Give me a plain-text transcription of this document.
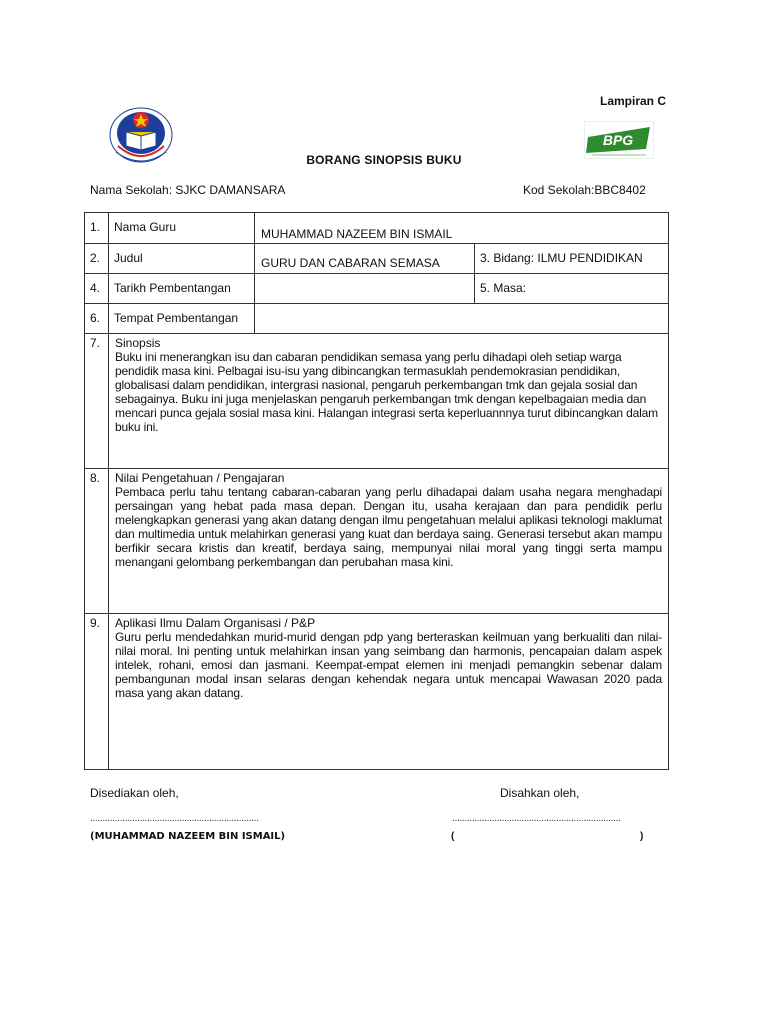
Lampiran C
BPG
BORANG SINOPSIS BUKU
Nama Sekolah: SJKC DAMANSARA	Kod Sekolah:BBC8402
1.	Nama Guru	MUHAMMAD NAZEEM BIN ISMAIL	
2.	Judul	GURU DAN CABARAN SEMASA	3. Bidang: ILMU PENDIDIKAN
4.	Tarikh Pembentangan		5. Masa:
6.	Tempat Pembentangan		
7.	Sinopsis
Buku ini menerangkan isu dan cabaran pendidikan semasa yang perlu dihadapi oleh setiap warga pendidik masa kini. Pelbagai isu-isu yang dibincangkan termasuklah pendemokrasian pendidikan, globalisasi dalam pendidikan, intergrasi nasional, pengaruh perkembangan tmk dan gejala sosial dan sebagainya. Buku ini juga menjelaskan pengaruh perkembangan tmk dengan kepelbagaian media dan mencari punca gejala sosial masa kini. Halangan integrasi serta keperluannnya turut dibincangkan dalam buku ini.		

8.	Nilai Pengetahuan / Pengajaran
Pembaca perlu tahu tentang cabaran-cabaran yang perlu dihadapai dalam usaha negara menghadapi persaingan yang hebat pada masa depan. Dengan itu, usaha kerajaan dan para pendidik perlu melengkapkan generasi yang akan datang dengan ilmu pengetahuan melalui aplikasi teknologi maklumat dan multimedia untuk melahirkan generasi yang kuat dan berdaya saing. Generasi tersebut akan mampu berfikir secara kristis dan kreatif, berdaya saing, mempunyai nilai moral yang tinggi serta mampu menangani gelombang perkembangan dan perubahan masa kini.		

9.	Aplikasi Ilmu Dalam Organisasi / P&P
Guru perlu mendedahkan murid-murid dengan pdp yang berteraskan keilmuan yang berkualiti dan nilai-nilai moral. Ini penting untuk melahirkan insan yang seimbang dan harmonis, pencapaian dalam aspek intelek, rohani, emosi dan jasmani. Keempat-empat elemen ini menjadi pemangkin sebenar dalam pembangunan modal insan selaras dengan kehendak negara untuk mencapai Wawasan 2020 pada masa yang akan datang.		
Disediakan oleh,	Disahkan oleh,
....................................................................	....................................................................
(MUHAMMAD NAZEEM BIN ISMAIL)	(	)
